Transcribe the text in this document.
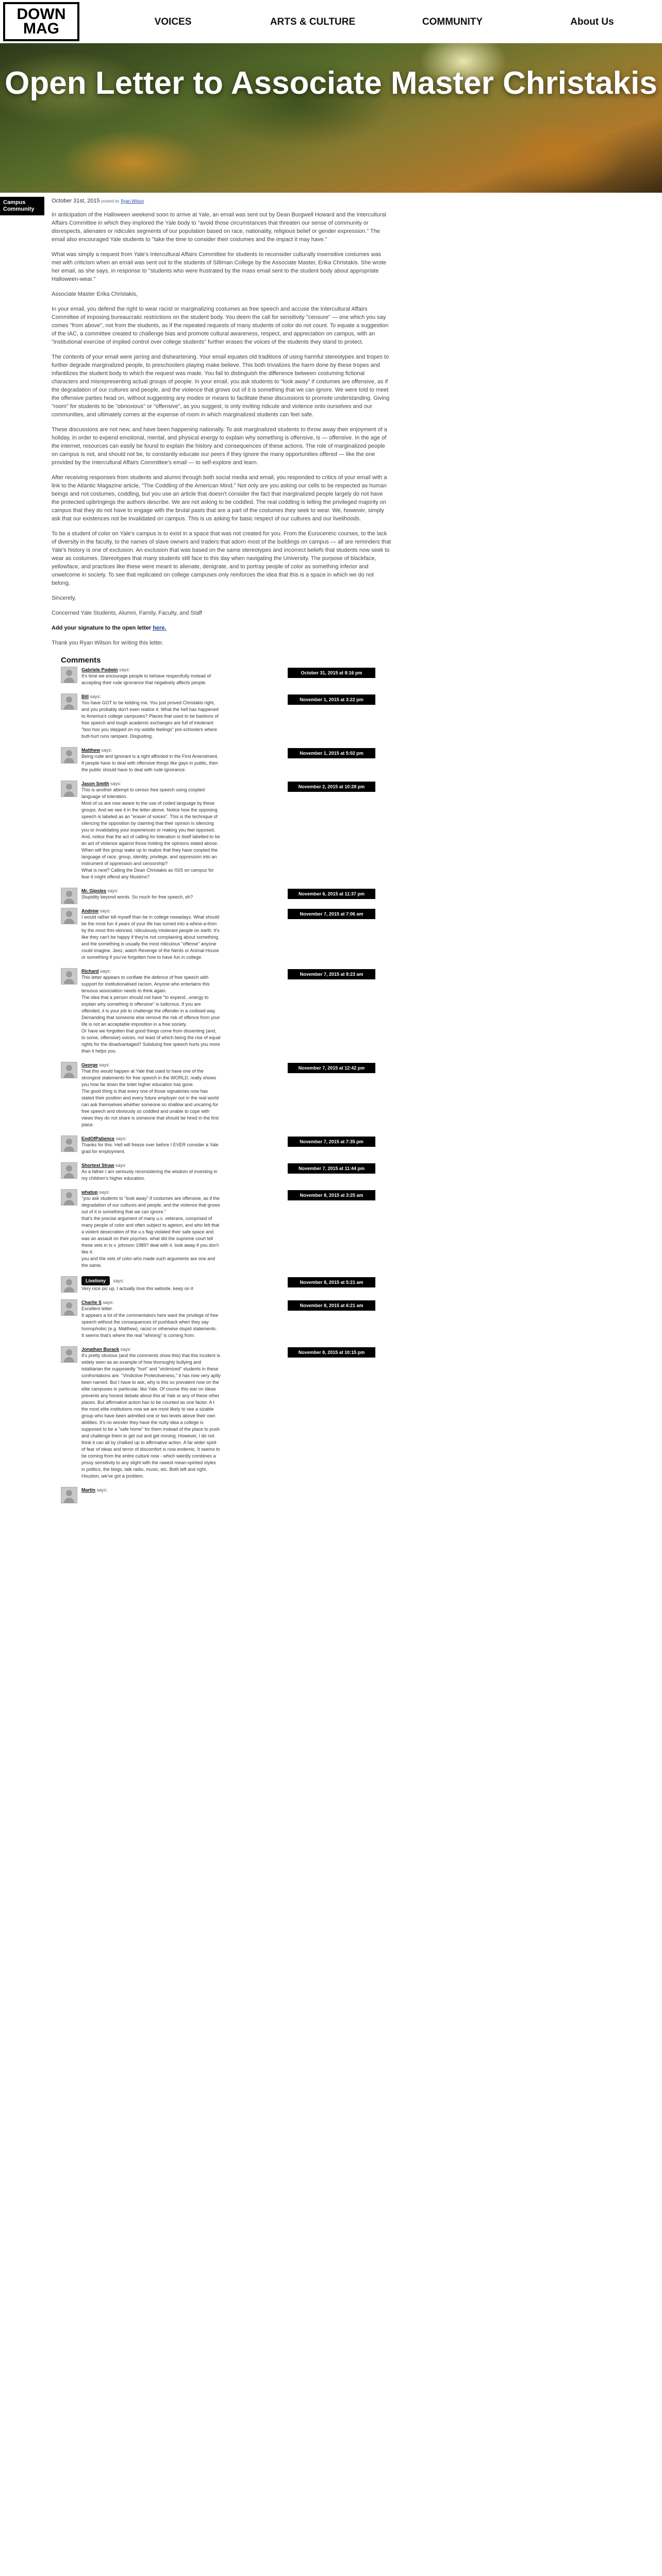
DOWN MAG	VOICES	ARTS & CULTURE	COMMUNITY	About Us
Open Letter to Associate Master Christakis
Campus Community
October 31st, 2015 posted by Ryan Wilson

In anticipation of the Halloween weekend soon to arrive at Yale, an email was sent out by Dean Burgwell Howard and the Intercultural Affairs Committee in which they implored the Yale body to "avoid those circumstances that threaten our sense of community or disrespects, alienates or ridicules segments of our population based on race, nationality, religious belief or gender expression." The email also encouraged Yale students to "take the time to consider their costumes and the impact it may have."

What was simply a request from Yale's Intercultural Affairs Committee for students to reconsider culturally insensitive costumes was met with criticism when an email was sent out to the students of Silliman College by the Associate Master, Erika Christakis. She wrote her email, as she says, in response to "students who were frustrated by the mass email sent to the student body about appropriate Halloween-wear."

Associate Master Erika Christakis,

In your email, you defend the right to wear racist or marginalizing costumes as free speech and accuse the Intercultural Affairs Committee of imposing bureaucratic restrictions on the student body. You deem the call for sensitivity "censure" — one which you say comes "from above", not from the students, as if the repeated requests of many students of color do not count. To equate a suggestion of the IAC, a committee created to challenge bias and promote cultural awareness, respect, and appreciation on campus, with an "institutional exercise of implied control over college students" further erases the voices of the students they stand to protect.

The contents of your email were jarring and disheartening. Your email equates old traditions of using harmful stereotypes and tropes to further degrade marginalized people, to preschoolers playing make believe. This both trivializes the harm done by these tropes and infantilizes the student body to which the request was made. You fail to distinguish the difference between costuming fictional characters and misrepresenting actual groups of people. In your email, you ask students to "look away" if costumes are offensive, as if the degradation of our cultures and people, and the violence that grows out of it is something that we can ignore. We were told to meet the offensive parties head on, without suggesting any modes or means to facilitate these discussions to promote understanding. Giving "room" for students to be "obnoxious" or "offensive", as you suggest, is only inviting ridicule and violence onto ourselves and our communities, and ultimately comes at the expense of room in which marginalized students can feel safe.

These discussions are not new, and have been happening nationally. To ask marginalized students to throw away their enjoyment of a holiday, in order to expend emotional, mental, and physical energy to explain why something is offensive, is — offensive. In the age of the internet, resources can easily be found to explain the history and consequences of these actions. The role of marginalized people on campus is not, and should not be, to constantly educate our peers if they ignore the many opportunities offered — like the one provided by the Intercultural Affairs Committee's email — to self-explore and learn.

After receiving responses from students and alumni through both social media and email, you responded to critics of your email with a link to the Atlantic Magazine article, "The Coddling of the American Mind." Not only are you asking our cells to be respected as human beings and not costumes, coddling, but you use an article that doesn't consider the fact that marginalized people largely do not have the protected upbringings the authors describe. We are not asking to be coddled. The real coddling is telling the privileged majority on campus that they do not have to engage with the brutal pasts that are a part of the costumes they seek to wear. We, however, simply ask that our existences not be invalidated on campus. This is us asking for basic respect of our cultures and our livelihoods.

To be a student of color on Yale's campus is to exist in a space that was not created for you. From the Eurocentric courses, to the lack of diversity in the faculty, to the names of slave owners and traders that adorn most of the buildings on campus — all are reminders that Yale's history is one of exclusion. An exclusion that was based on the same stereotypes and incorrect beliefs that students now seek to wear as costumes. Stereotypes that many students still face to this day when navigating the University. The purpose of blackface, yellowface, and practices like these were meant to alienate, denigrate, and to portray people of color as something inferior and unwelcome in society. To see that replicated on college campuses only reinforces the idea that this is a space in which we do not belong.

Sincerely,

Concerned Yale Students, Alumni, Family, Faculty, and Staff

Add your signature to the open letter here.

Thank you Ryan Wilson for writing this letter.

Comments
Gabriele Podwin says:
October 31, 2015 at 8:16 pm

It's time we encourage people to behave respectfully instead of accepting their rude ignorance that negatively affects people.

Bill says:
November 1, 2015 at 3:22 pm

You have GOT to be kidding me. You just proved Christakis right, and you probably don't even realize it. What the hell has happened to America's college campuses? Places that used to be bastions of free speech and tough academic exchanges are full of intolerant "boo hoo you stepped on my widdle feelings" pre-schoolers where butt-hurt runs rampant. Disgusting.

Matthew says:
November 1, 2015 at 5:02 pm

Being rude and ignorant is a right afforded in the First Amendment. If people have to deal with offensive things like gays in public, then the public should have to deal with rude ignorance.

Jason Smith says:
November 2, 2015 at 10:28 pm

This is another attempt to censor free speech using coopted language of toleration.

Most of us are now aware to the use of coded language by these groups. And we see it in the letter above. Notice how the opposing speech is labeled as an "eraser of voices". This is the technique of silencing the opposition by claiming that their opinion is silencing you or invalidating your experiences or making you feel opposed. And, notice that the act of calling for toleration is itself labelled to be an act of violence against those holding the opinions stated above.

When will this group wake up to realize that they have coopted the language of race, group, identity, privilege, and oppression into an instrument of oppression and censorship?

What is next? Calling the Dean Christakis as ISIS on campus for fear it might offend any Muslims?

Mr. Gipsles says:
November 6, 2015 at 11:37 pm

Stupidity beyond words. So much for free speech, eh?

Andrew says:
November 7, 2015 at 7:06 am

I would rather kill myself than be in college nowadays. What should be the most fun 4 years of your life has turned into a whine-a-thon by the most thin-skinned, ridiculously intolerant people on earth. It's like they can't be happy if they're not complaining about something, and the something is usually the most ridiculous "offense" anyone could imagine. Jeez, watch Revenge of the Nerds or Animal House or something if you've forgotten how to have fun in college.

Richard says:
November 7, 2015 at 8:23 am

This letter appears to conflate the defence of free speech with support for institutionalised racism. Anyone who entertains this tenuous association needs to think again.

The idea that a person should not have "to expend...energy to explain why something is offensive" is ludicrous. If you are offended, it is your job to challenge the offender in a civilised way. Demanding that someone else remove the risk of offence from your life is not an acceptable imposition in a free society.

Or have we forgotten that good things come from dissenting (and, to some, offensive) voices, not least of which being the rise of equal rights for the disadvantaged? Subduing free speech hurts you more than it helps you.

George says:
November 7, 2015 at 12:42 pm

That this would happen at Yale that used to have one of the strongest statements for free speech in the WORLD, really shows you how far down the toilet higher education has gone.

The good thing is that every one of those signatories now has stated their position and every future employer out in the real world can ask themselves whether someone so shallow and uncaring for free speech and obviously so coddled and unable to cope with views they do not share is someone that should be hired in the first place.

EndOfPatience says:
November 7, 2015 at 7:35 pm

Thanks for this. Hell will freeze over before I EVER consider a Yale grad for employment.

Shortest Straw says:
November 7, 2015 at 11:44 pm

As a father I am seriously reconsidering the wisdom of investing in my children's higher education.

whatup says:
November 8, 2015 at 3:25 am

"you ask students to "look away" if costumes are offensive, as if the degradation of our cultures and people, and the violence that grows out of it is something that we can ignore."

that's the precise argument of many u.s. veterans, comprised of many people of color and often subject to ageism, and who felt that a violent desecration of the u.s flag violated their safe space and was an assault on their psyches. what did the supreme court tell these vets in tx v. johnson 1989? deal with it. look away if you don't like it.

you and the vets of color who made such arguments are one and the same.

Liveliony says:	November 8, 2015 at 5:21 am

Very nice pic up, I actually love this website, keep on it

Charlie S says:
November 8, 2015 at 6:21 am

Excellent letter.

It appears a lot of the commentators here want the privilege of free speech without the consequences of pushback when they say homophobic (e.g. Matthew), racist or otherwise stupid statements. It seems that's where the real "whining" is coming from.

Jonathan Burack says:
November 8, 2015 at 10:15 pm

It's pretty obvious (and the comments show this) that this incident is widely seen as an example of how thoroughly bullying and totalitarian the supposedly "hurt" and "victimized" students in these confrontations are. "Vindictive Protectiveness," it has now very aptly been named. But I have to ask, why is this so prevalent now on the elite campuses in particular, like Yale. Of course this war on ideas prevents any honest debate about this at Yale or any of these other places. But affirmative action has to be counted as one factor. A t the most elite institutions now we are most likely to see a sizable group who have been admitted one or two levels above their own abilities. It's no wonder they have the nutty idea a college is supposed to be a "safe home" for them instead of the place to push and challenge them to get out and get moving. However, I do not think it can all by chalked up to affirmative action. A far wider spirit of fear of ideas and terror of discomfort is now endemic. It seems to be coming from the entire culture now - which weirdly combines a prissy sensitivity to any slight with the rawest mean-spirited styles in politics, the blogs, talk radio, music, etc. Both left and right. Houston, we've got a problem.

Martin says:
